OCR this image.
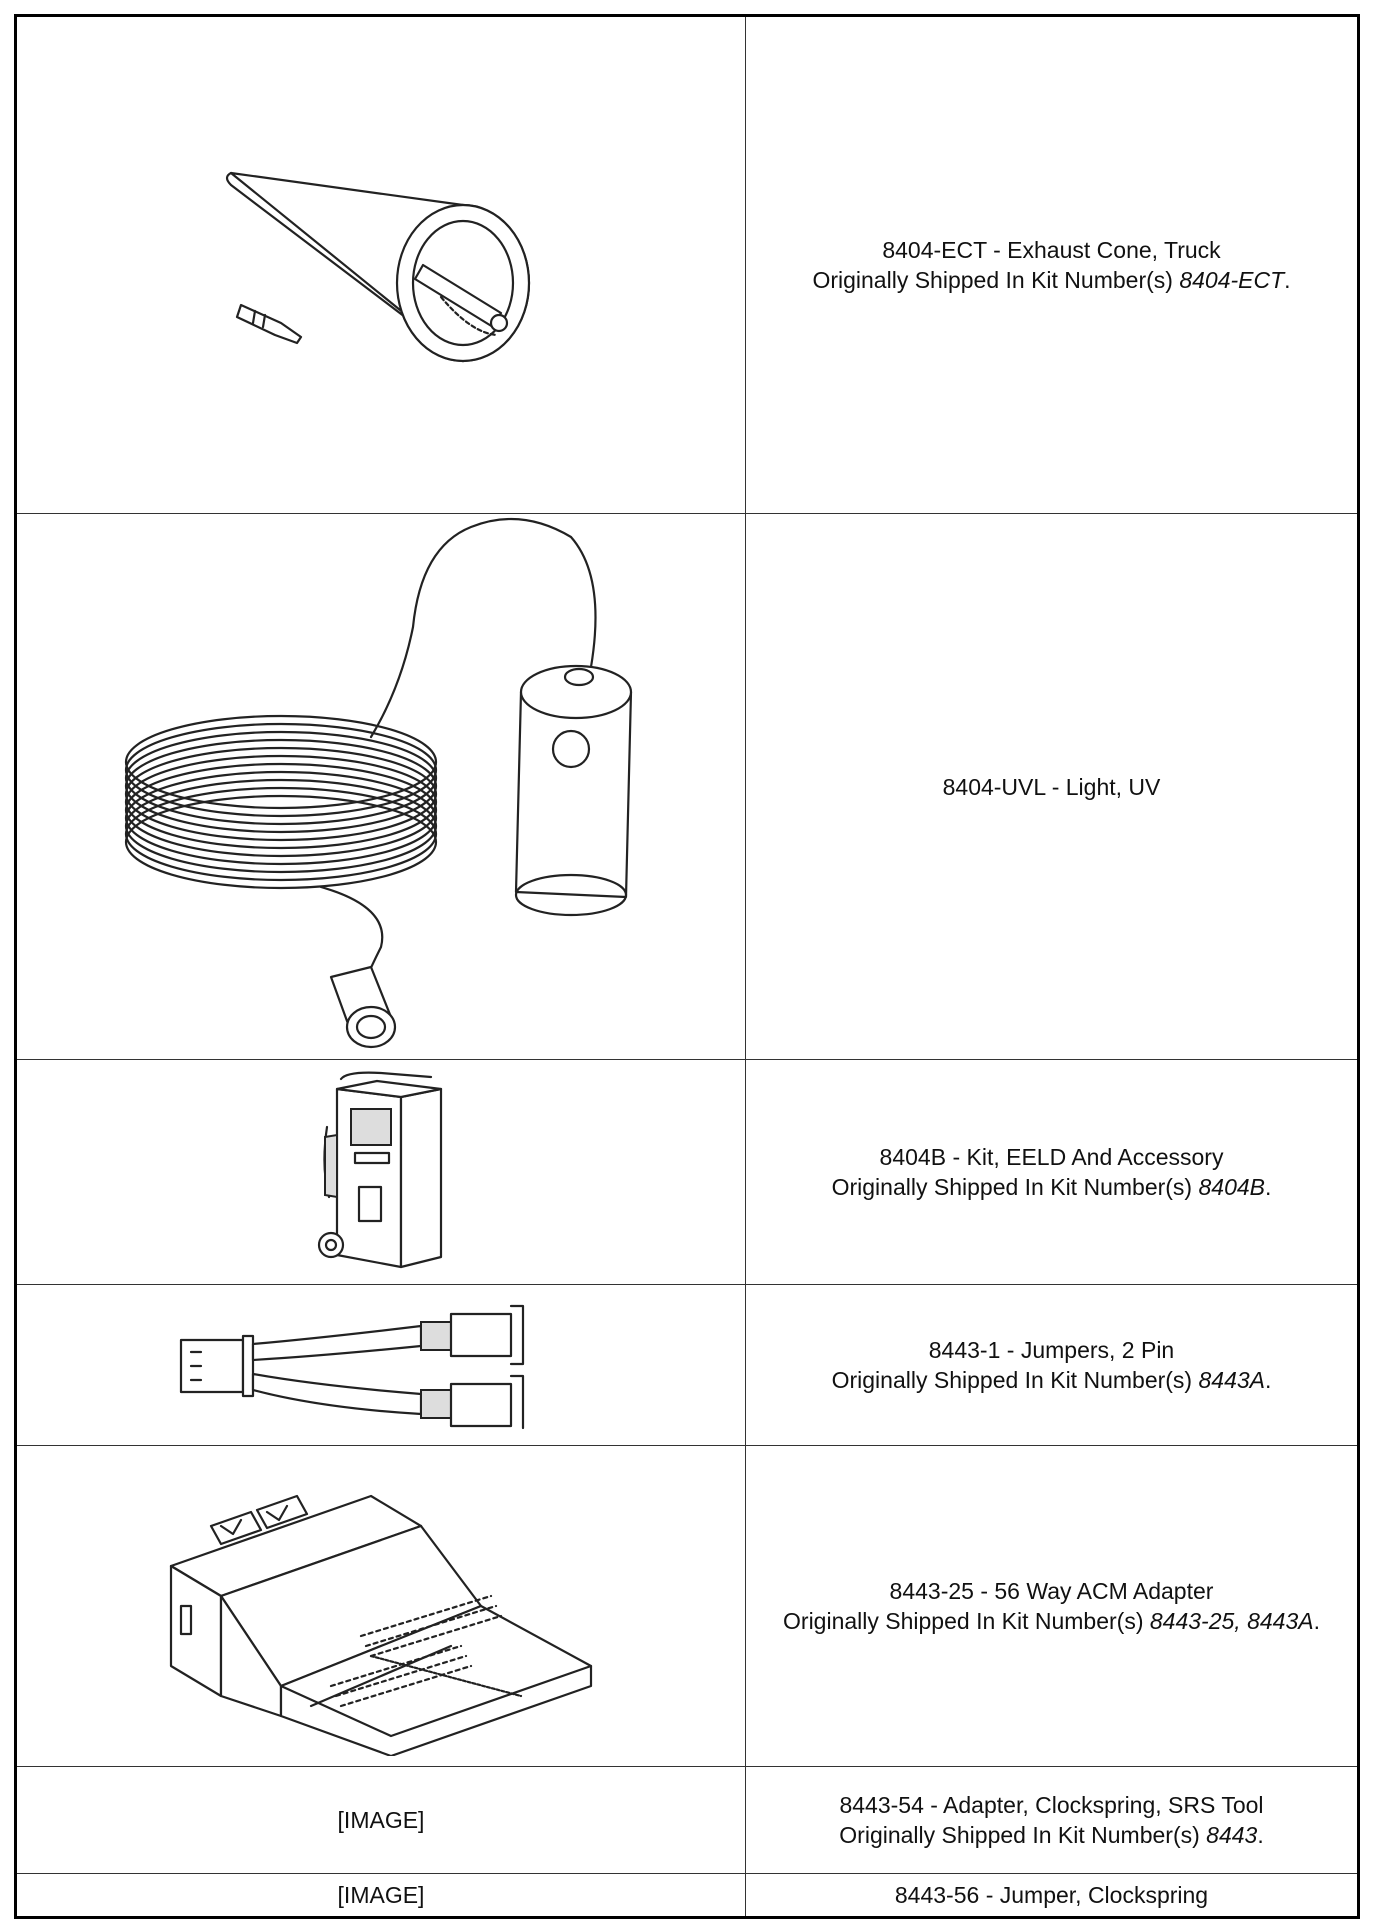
8404-ECT - Exhaust Cone, Truck
Originally Shipped In Kit Number(s) 8404-ECT.

8404-UVL - Light, UV

8404B - Kit, EELD And Accessory
Originally Shipped In Kit Number(s) 8404B.

8443-1 - Jumpers, 2 Pin
Originally Shipped In Kit Number(s) 8443A.

8443-25 - 56 Way ACM Adapter
Originally Shipped In Kit Number(s) 8443-25, 8443A.

[IMAGE]	8443-54 - Adapter, Clockspring, SRS Tool
Originally Shipped In Kit Number(s) 8443.

[IMAGE]	8443-56 - Jumper, Clockspring
